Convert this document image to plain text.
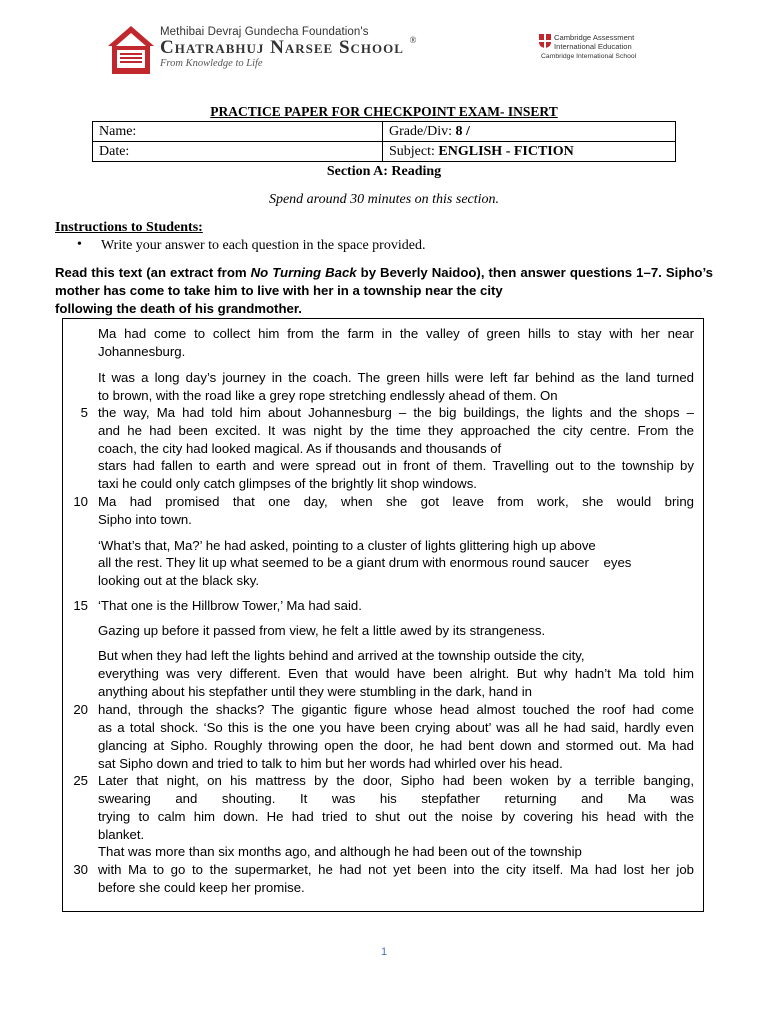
Methibai Devraj Gundecha Foundation's
Chatrabhuj Narsee School ®
From Knowledge to Life
Cambridge Assessment
International Education
Cambridge International School
PRACTICE PAPER FOR CHECKPOINT EXAM- INSERT
Name:	Grade/Div: 8 /
Date:	Subject: ENGLISH - FICTION
Section A: Reading
Spend around 30 minutes on this section.
Instructions to Students:
• Write your answer to each question in the space provided.
Read this text (an extract from No Turning Back by Beverly Naidoo), then answer questions 1–7. Sipho’s mother has come to take him to live with her in a township near the city
following the death of his grandmother.
Ma had come to collect him from the farm in the valley of green hills to stay with her near
Johannesburg.
It was a long day’s journey in the coach. The green hills were left far behind as the land turned
to brown, with the road like a grey rope stretching endlessly ahead of them. On
the way, Ma had told him about Johannesburg – the big buildings, the lights and the shops –
and he had been excited. It was night by the time they approached the city centre. From the
coach, the city had looked magical. As if thousands and thousands of
stars had fallen to earth and were spread out in front of them. Travelling out to the township by
taxi he could only catch glimpses of the brightly lit shop windows.
Ma had promised that one day, when she got leave from work, she would bring
Sipho into town.
‘What’s that, Ma?’ he had asked, pointing to a cluster of lights glittering high up above
all the rest. They lit up what seemed to be a giant drum with enormous round saucer    eyes
looking out at the black sky.
‘That one is the Hillbrow Tower,’ Ma had said.
Gazing up before it passed from view, he felt a little awed by its strangeness.
But when they had left the lights behind and arrived at the township outside the city,
everything was very different. Even that would have been alright. But why hadn’t Ma told him
anything about his stepfather until they were stumbling in the dark, hand in
hand, through the shacks? The gigantic figure whose head almost touched the roof had come
as a total shock. ‘So this is the one you have been crying about’ was all he had said, hardly even
glancing at Sipho. Roughly throwing open the door, he had bent down and stormed out. Ma had
sat Sipho down and tried to talk to him but her words had whirled over his head.
Later that night, on his mattress by the door, Sipho had been woken by a terrible banging,
swearing and shouting. It was his stepfather returning and Ma was
trying to calm him down. He had tried to shut out the noise by covering his head with the
blanket.
That was more than six months ago, and although he had been out of the township
with Ma to go to the supermarket, he had not yet been into the city itself. Ma had lost her job
before she could keep her promise.
5
10
15
20
25
30
1
